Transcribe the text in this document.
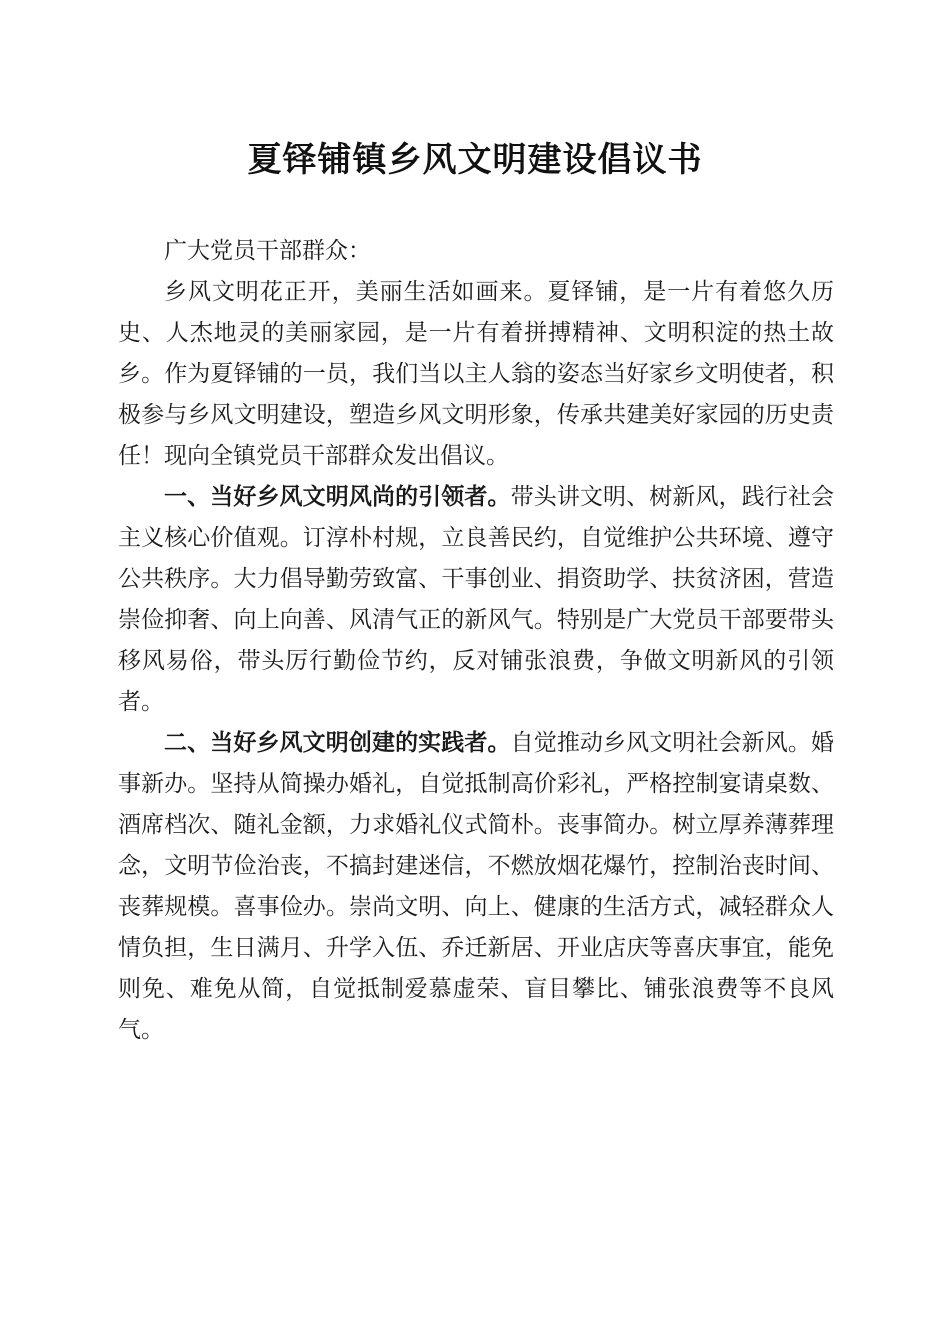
夏铎铺镇乡风文明建设倡议书

广大党员干部群众：

乡风文明花正开，美丽生活如画来。夏铎铺，是一片有着悠久历史、人杰地灵的美丽家园，是一片有着拼搏精神、文明积淀的热土故乡。作为夏铎铺的一员，我们当以主人翁的姿态当好家乡文明使者，积极参与乡风文明建设，塑造乡风文明形象，传承共建美好家园的历史责任！现向全镇党员干部群众发出倡议。

一、当好乡风文明风尚的引领者。带头讲文明、树新风，践行社会主义核心价值观。订淳朴村规，立良善民约，自觉维护公共环境、遵守公共秩序。大力倡导勤劳致富、干事创业、捐资助学、扶贫济困，营造崇俭抑奢、向上向善、风清气正的新风气。特别是广大党员干部要带头移风易俗，带头厉行勤俭节约，反对铺张浪费，争做文明新风的引领者。

二、当好乡风文明创建的实践者。自觉推动乡风文明社会新风。婚事新办。坚持从简操办婚礼，自觉抵制高价彩礼，严格控制宴请桌数、酒席档次、随礼金额，力求婚礼仪式简朴。丧事简办。树立厚养薄葬理念，文明节俭治丧，不搞封建迷信，不燃放烟花爆竹，控制治丧时间、丧葬规模。喜事俭办。崇尚文明、向上、健康的生活方式，减轻群众人情负担，生日满月、升学入伍、乔迁新居、开业店庆等喜庆事宜，能免则免、难免从简，自觉抵制爱慕虚荣、盲目攀比、铺张浪费等不良风气。
